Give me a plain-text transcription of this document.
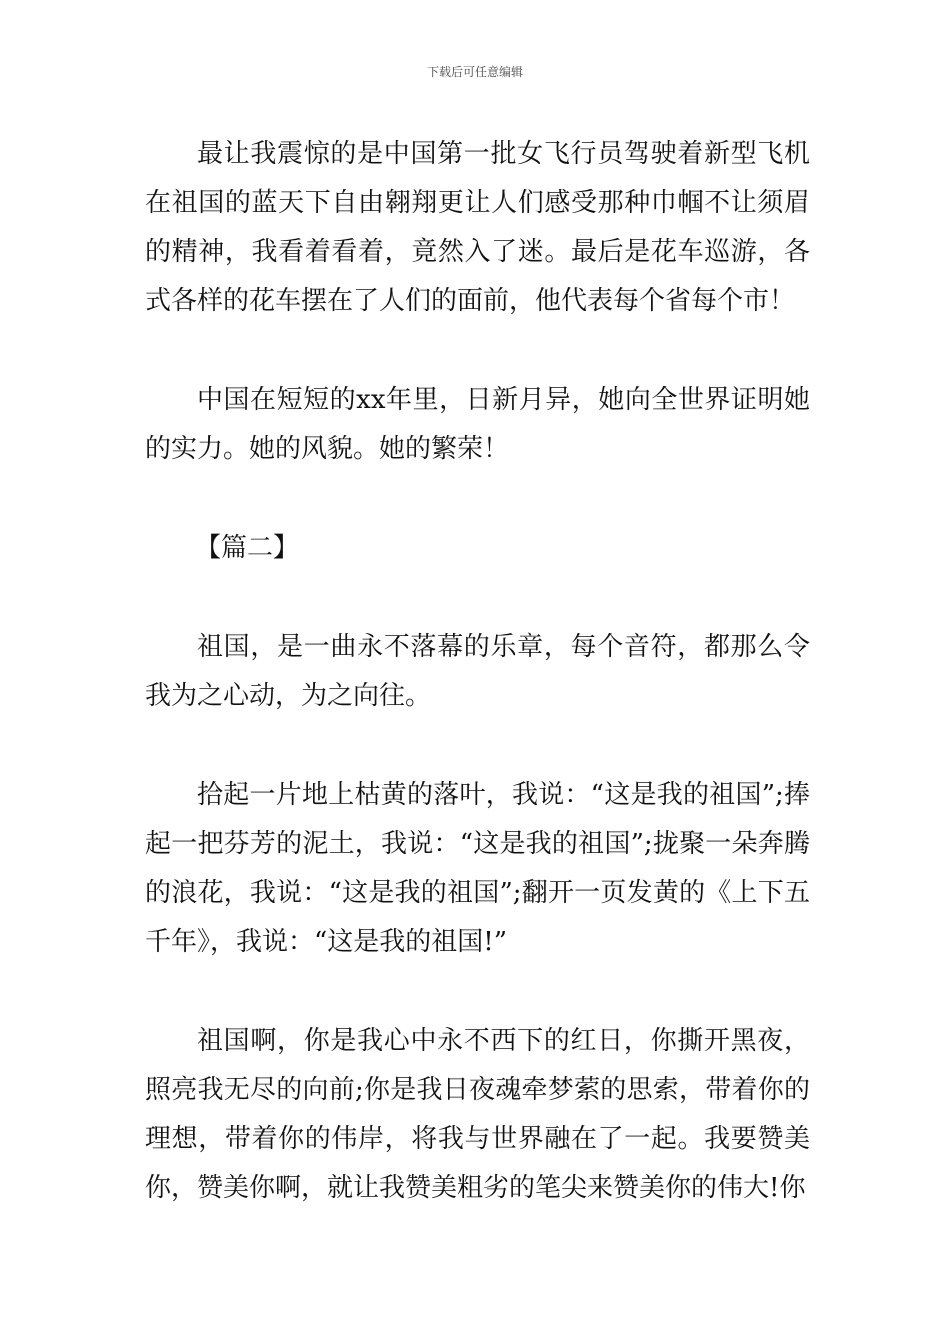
下载后可任意编辑

最让我震惊的是中国第一批女飞行员驾驶着新型飞机在祖国的蓝天下自由翱翔更让人们感受那种巾帼不让须眉的精神，我看着看着，竟然入了迷。最后是花车巡游，各式各样的花车摆在了人们的面前，他代表每个省每个市！

中国在短短的xx年里，日新月异，她向全世界证明她的实力。她的风貌。她的繁荣！

【篇二】

祖国，是一曲永不落幕的乐章，每个音符，都那么令我为之心动，为之向往。

拾起一片地上枯黄的落叶，我说：“这是我的祖国”;捧起一把芬芳的泥土，我说：“这是我的祖国”;拢聚一朵奔腾的浪花，我说：“这是我的祖国”;翻开一页发黄的《上下五千年》，我说：“这是我的祖国!”

祖国啊，你是我心中永不西下的红日，你撕开黑夜，照亮我无尽的向前;你是我日夜魂牵梦萦的思索，带着你的理想，带着你的伟岸，将我与世界融在了一起。我要赞美你，赞美你啊，就让我赞美粗劣的笔尖来赞美你的伟大!你
